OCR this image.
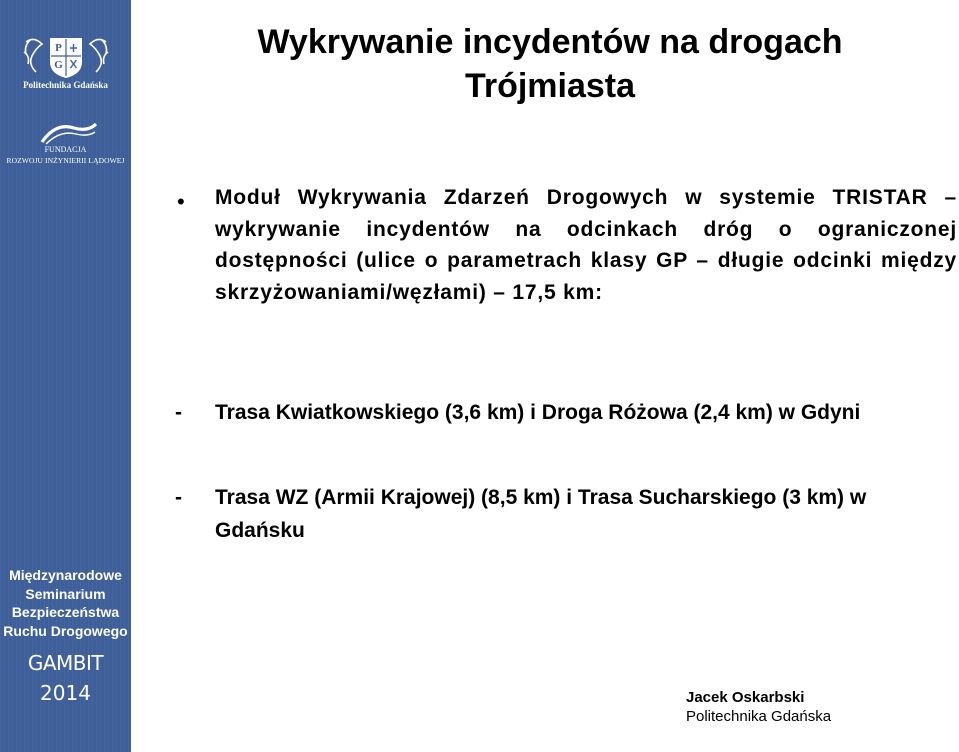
P
G
Politechnika Gdańska
FUNDACJA
ROZWOJU INŻYNIERII LĄDOWEJ
Międzynarodowe
Seminarium
Bezpieczeństwa
Ruchu Drogowego
GAMBIT
2014
Wykrywanie incydentów na drogach
Trójmiasta
• Moduł Wykrywania Zdarzeń Drogowych w systemie TRISTAR – wykrywanie incydentów na odcinkach dróg o ograniczonej dostępności (ulice o parametrach klasy GP – długie odcinki między skrzyżowaniami/węzłami) – 17,5 km:
- Trasa Kwiatkowskiego (3,6 km) i Droga Różowa (2,4 km) w Gdyni
- Trasa WZ (Armii Krajowej) (8,5 km) i Trasa Sucharskiego (3 km) w Gdańsku
Jacek Oskarbski
Politechnika Gdańska
